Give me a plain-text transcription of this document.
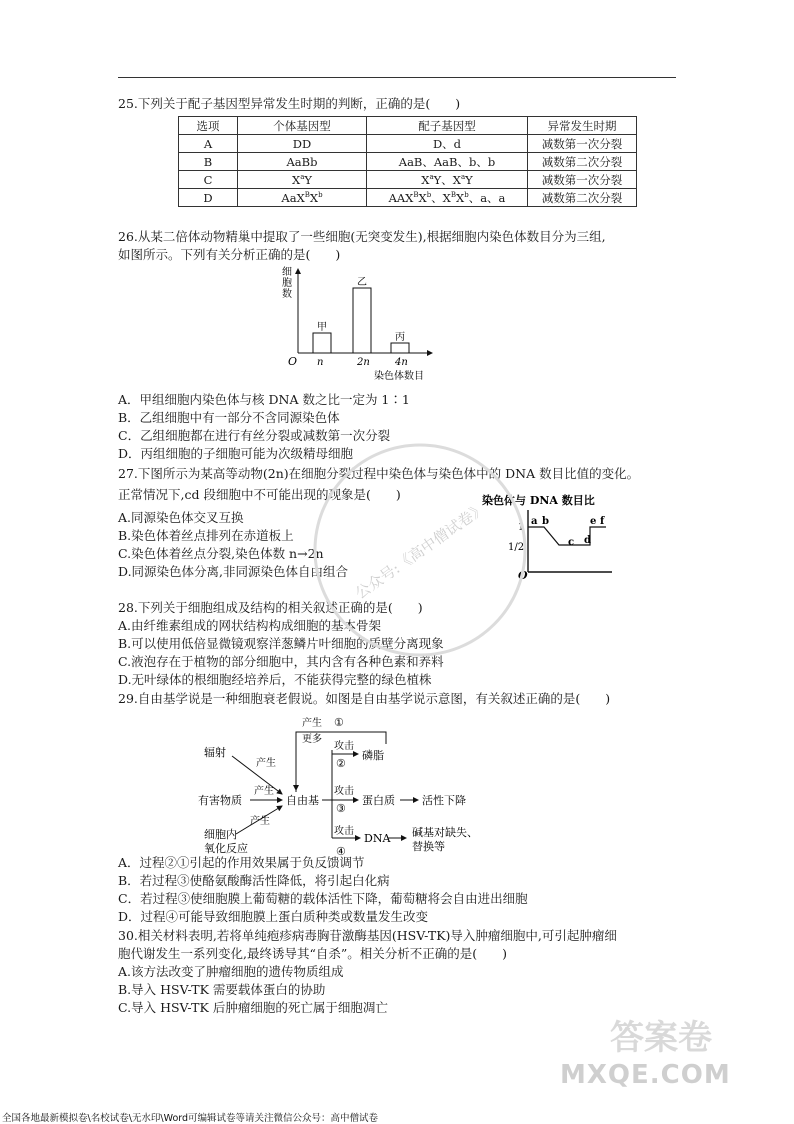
25.下列关于配子基因型异常发生时期的判断，正确的是(　　)
选项	个体基因型	配子基因型	异常发生时期
A	DD	D、d	减数第一次分裂
B	AaBb	AaB、AaB、b、b	减数第二次分裂
C	$X^aY$	$X^aY$、$X^aY$	减数第一次分裂
D	$AaX^BX^b$	$AAX^BX^b$、$X^BX^b$、a、a	减数第二次分裂
26.从某二倍体动物精巢中提取了一些细胞(无突变发生),根据细胞内染色体数目分为三组,
如图所示。下列有关分析正确的是(　　)
细胞数
O
甲
n
乙
2n
丙
4n
染色体数目
A．甲组细胞内染色体与核 DNA 数之比一定为 1∶1
B．乙组细胞中有一部分不含同源染色体
C．乙组细胞都在进行有丝分裂或减数第一次分裂
D．丙组细胞的子细胞可能为次级精母细胞
27.下图所示为某高等动物(2n)在细胞分裂过程中染色体与染色体中的 DNA 数目比值的变化。
正常情况下,cd 段细胞中不可能出现的现象是(　　)
A.同源染色体交叉互换
B.染色体着丝点排列在赤道板上
C.染色体着丝点分裂,染色体数 n→2n
D.同源染色体分离,非同源染色体自由组合
染色体与 DNA 数目比
1
1/2
O
a b
c d
e f
28.下列关于细胞组成及结构的相关叙述正确的是(　　)
A.由纤维素组成的网状结构构成细胞的基本骨架
B.可以使用低倍显微镜观察洋葱鳞片叶细胞的质壁分离现象
C.液泡存在于植物的部分细胞中，其内含有各种色素和养料
D.无叶绿体的根细胞经培养后，不能获得完整的绿色植株
29.自由基学说是一种细胞衰老假说。如图是自由基学说示意图，有关叙述正确的是(　　)
辐射
有害物质
细胞内
氧化反应
产生
产生
产生
自由基
产生 ①
更多
攻击
②
磷脂
攻击
③
蛋白质 活性下降
攻击
④
DNA 碱基对缺失、
替换等
A．过程②①引起的作用效果属于负反馈调节
B．若过程③使酪氨酸酶活性降低，将引起白化病
C．若过程③使细胞膜上葡萄糖的载体活性下降，葡萄糖将会自由进出细胞
D．过程④可能导致细胞膜上蛋白质种类或数量发生改变
30.相关材料表明,若将单纯疱疹病毒胸苷激酶基因(HSV-TK)导入肿瘤细胞中,可引起肿瘤细
胞代谢发生一系列变化,最终诱导其“自杀”。相关分析不正确的是(　　)
A.该方法改变了肿瘤细胞的遗传物质组成
B.导入 HSV-TK 需要载体蛋白的协助
C.导入 HSV-TK 后肿瘤细胞的死亡属于细胞凋亡
公众号:《高中僧试卷》
答案卷
MXQE.COM
全国各地最新模拟卷\名校试卷\无水印\Word可编辑试卷等请关注微信公众号：高中僧试卷
